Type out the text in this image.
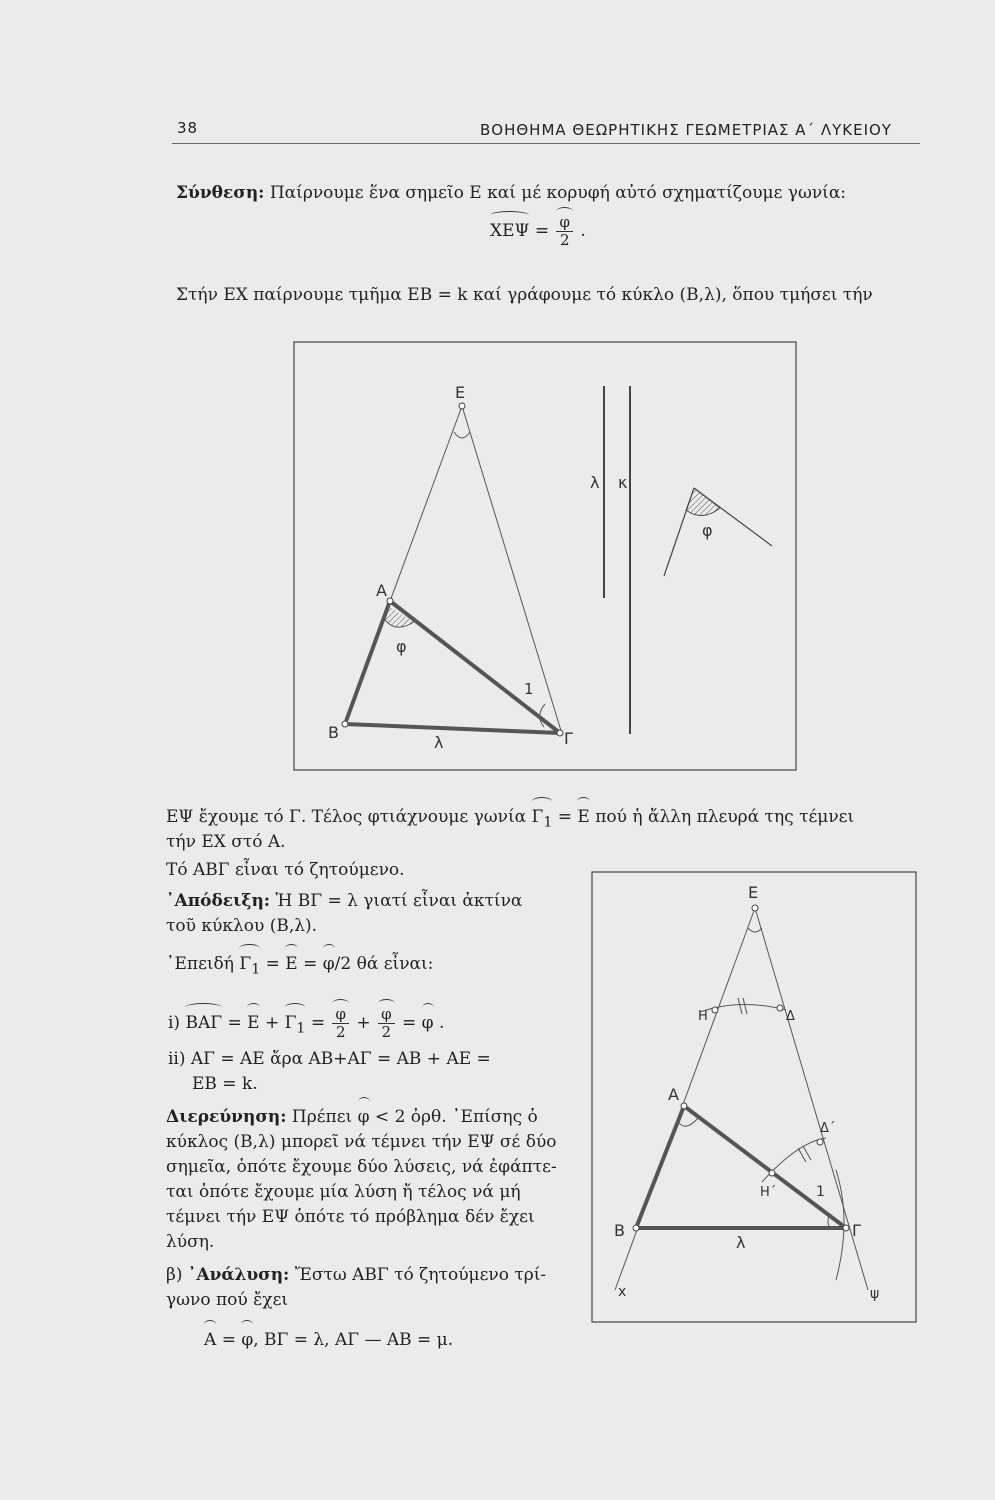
38	ΒΟΗΘΗΜΑ ΘΕΩΡΗΤΙΚΗΣ ΓΕΩΜΕΤΡΙΑΣ Α΄ ΛΥΚΕΙΟΥ
Σύνθεση: Παίρνουμε ἕνα σημεῖο Ε καί μέ κορυφή αὐτό σχηματίζουμε γωνία:
$XE\Psi = \frac{\varphi}{2}$ .
Στήν ΕΧ παίρνουμε τμῆμα ΕΒ = k καί γράφουμε τό κύκλο (Β,λ), ὅπου τμήσει τήν
Ε
Α
Β	Γ
λ κ
φ
φ
1
λ
ΕΨ ἔχουμε τό Γ. Τέλος φτιάχνουμε γωνία $\Gamma_1 = E$ πού ἡ ἄλλη πλευρά της τέμνει
τήν ΕΧ στό Α.
Τό ΑΒΓ εἶναι τό ζητούμενο.
᾿Απόδειξη: Ἡ ΒΓ = λ γιατί εἶναι ἀκτίνα
τοῦ κύκλου (Β,λ).
᾿Επειδή $\Gamma_1 = E = \varphi/2$ θά εἶναι:
i) $BA\Gamma = E + \Gamma_1 = \frac{\varphi}{2} + \frac{\varphi}{2} = \varphi$ .
ii) ΑΓ = ΑΕ ἄρα ΑΒ+ΑΓ = ΑΒ + ΑΕ =
ΕΒ = k.
Διερεύνηση: Πρέπει φ < 2 ὀρθ. ᾿Επίσης ὁ
κύκλος (Β,λ) μπορεῖ νά τέμνει τήν ΕΨ σέ δύο
σημεῖα, ὁπότε ἔχουμε δύο λύσεις, νά ἐφάπτε-
ται ὁπότε ἔχουμε μία λύση ἤ τέλος νά μή
τέμνει τήν ΕΨ ὁπότε τό πρόβλημα δέν ἔχει
λύση.
β) ᾿Ανάλυση: Ἔστω ΑΒΓ τό ζητούμενο τρί-
γωνο πού ἔχει
Α = φ, ΒΓ = λ, ΑΓ — ΑΒ = μ.
Ε
Η	Δ
Α
Δ΄
Η΄	1
Β	Γ
λ
x	ψ
